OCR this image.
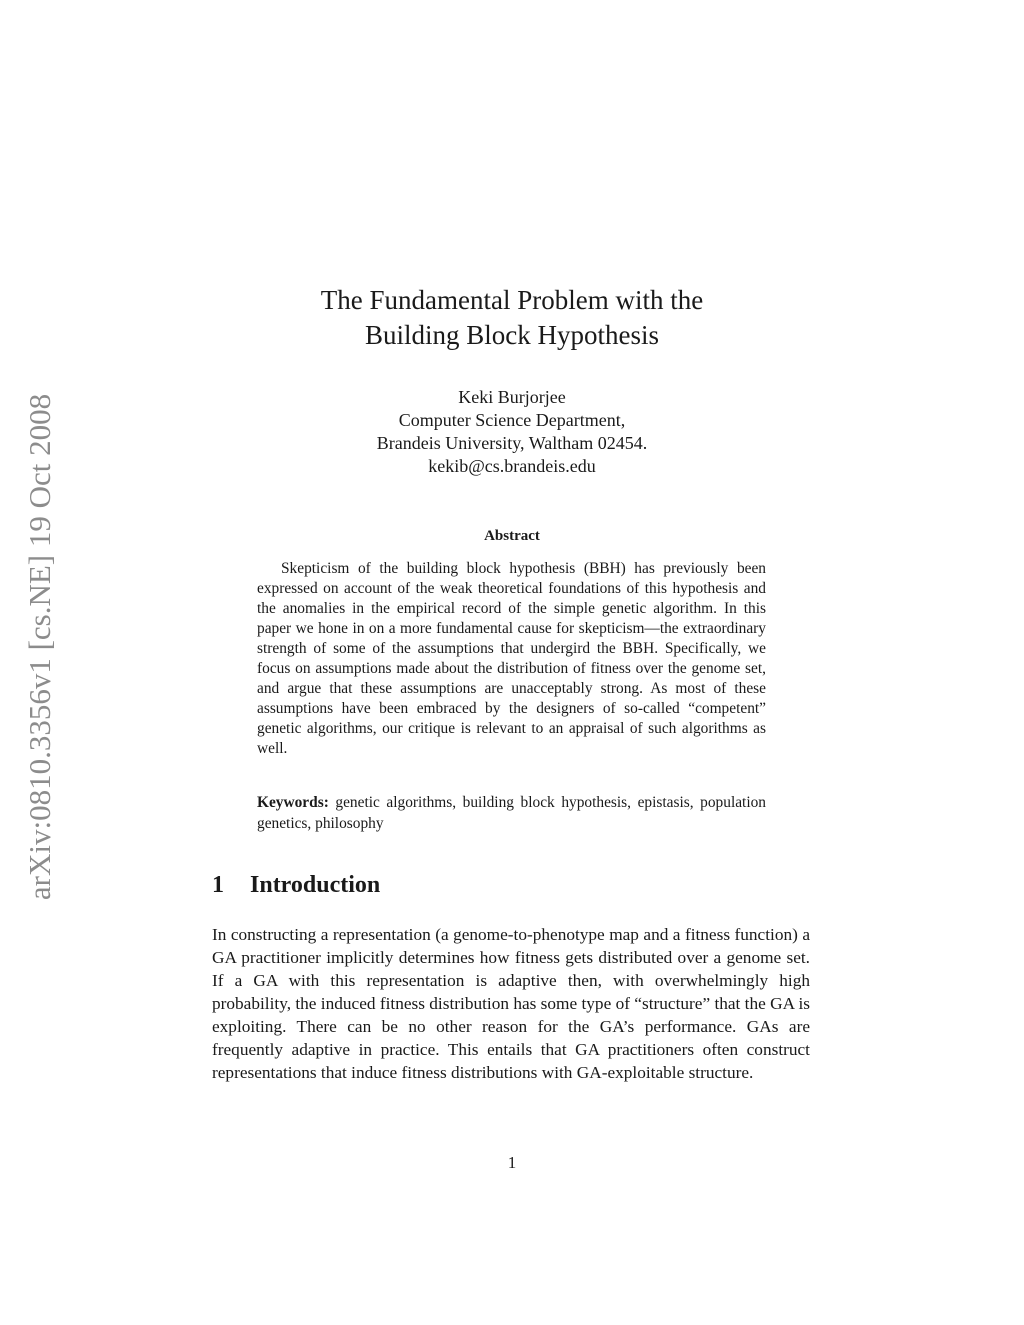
arXiv:0810.3356v1 [cs.NE] 19 Oct 2008
The Fundamental Problem with the
Building Block Hypothesis
Keki Burjorjee
Computer Science Department,
Brandeis University, Waltham 02454.
kekib@cs.brandeis.edu
Abstract
Skepticism of the building block hypothesis (BBH) has previously been expressed on account of the weak theoretical foundations of this hypothesis and the anomalies in the empirical record of the simple genetic algorithm. In this paper we hone in on a more fundamental cause for skepticism—the extraordinary strength of some of the assumptions that undergird the BBH. Specifically, we focus on assumptions made about the distribution of fitness over the genome set, and argue that these assumptions are unacceptably strong. As most of these assumptions have been embraced by the designers of so-called “competent” genetic algorithms, our critique is relevant to an appraisal of such algorithms as well.
Keywords: genetic algorithms, building block hypothesis, epistasis, population genetics, philosophy
1 Introduction
In constructing a representation (a genome-to-phenotype map and a fitness function) a GA practitioner implicitly determines how fitness gets distributed over a genome set. If a GA with this representation is adaptive then, with overwhelmingly high probability, the induced fitness distribution has some type of “structure” that the GA is exploiting. There can be no other reason for the GA’s performance. GAs are frequently adaptive in practice. This entails that GA practitioners often construct representations that induce fitness distributions with GA-exploitable structure.
1
